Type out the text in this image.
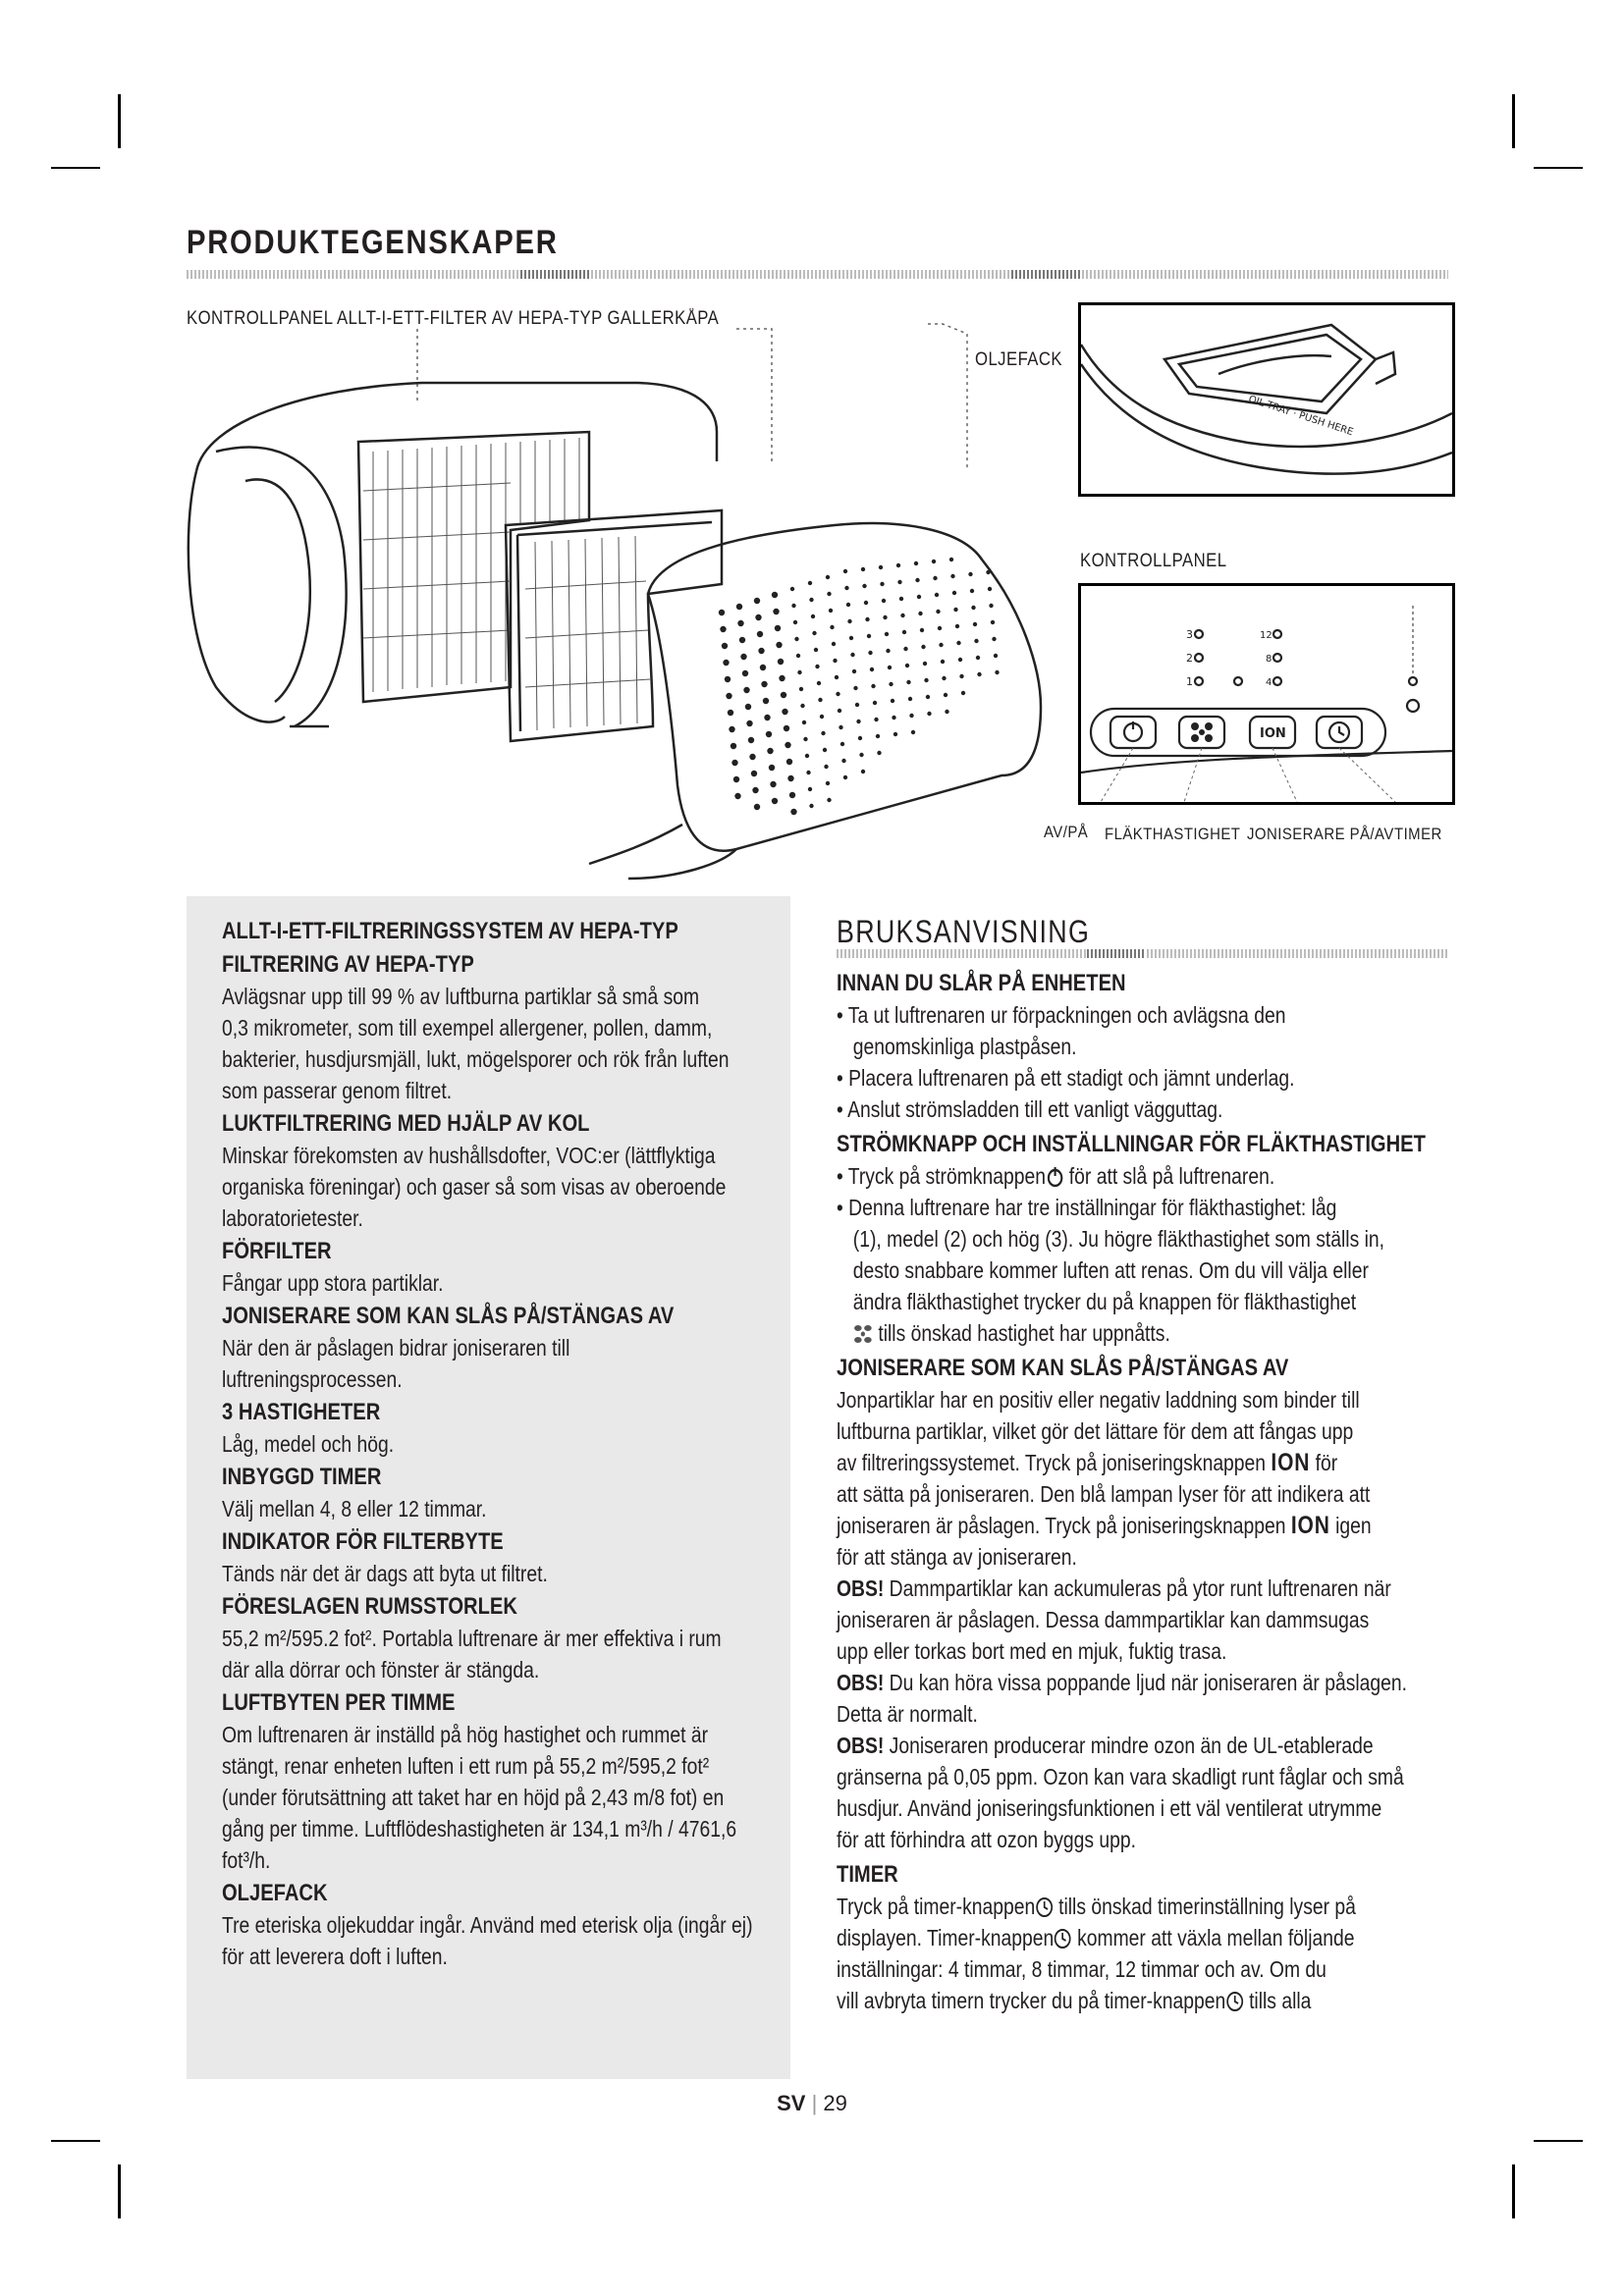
PRODUKTEGENSKAPER
KONTROLLPANEL ALLT-I-ETT-FILTER AV HEPA-TYP GALLERKÅPA
OLJEFACK
KONTROLLPANEL
AV/PÅ FLÄKTHASTIGHET JONISERARE PÅ/AV TIMER
OIL TRAY · PUSH HERE
3
2
1
12
8
4
ION
ALLT-I-ETT-FILTRERINGSSYSTEM AV HEPA-TYP
FILTRERING AV HEPA-TYP
Avlägsnar upp till 99 % av luftburna partiklar så små som
0,3 mikrometer, som till exempel allergener, pollen, damm,
bakterier, husdjursmjäll, lukt, mögelsporer och rök från luften
som passerar genom filtret.
LUKTFILTRERING MED HJÄLP AV KOL
Minskar förekomsten av hushållsdofter, VOC:er (lättflyktiga
organiska föreningar) och gaser så som visas av oberoende
laboratorietester.
FÖRFILTER
Fångar upp stora partiklar.
JONISERARE SOM KAN SLÅS PÅ/STÄNGAS AV
När den är påslagen bidrar joniseraren till
luftreningsprocessen.
3 HASTIGHETER
Låg, medel och hög.
INBYGGD TIMER
Välj mellan 4, 8 eller 12 timmar.
INDIKATOR FÖR FILTERBYTE
Tänds när det är dags att byta ut filtret.
FÖRESLAGEN RUMSSTORLEK
55,2 m²/595.2 fot². Portabla luftrenare är mer effektiva i rum
där alla dörrar och fönster är stängda.
LUFTBYTEN PER TIMME
Om luftrenaren är inställd på hög hastighet och rummet är
stängt, renar enheten luften i ett rum på 55,2 m²/595,2 fot²
(under förutsättning att taket har en höjd på 2,43 m/8 fot) en
gång per timme. Luftflödeshastigheten är 134,1 m³/h / 4761,6
fot³/h.
OLJEFACK
Tre eteriska oljekuddar ingår. Använd med eterisk olja (ingår ej)
för att leverera doft i luften.
BRUKSANVISNING
INNAN DU SLÅR PÅ ENHETEN
• Ta ut luftrenaren ur förpackningen och avlägsna den
genomskinliga plastpåsen.
• Placera luftrenaren på ett stadigt och jämnt underlag.
• Anslut strömsladden till ett vanligt vägguttag.
STRÖMKNAPP OCH INSTÄLLNINGAR FÖR FLÄKTHASTIGHET
• Tryck på strömknappen för att slå på luftrenaren.
• Denna luftrenare har tre inställningar för fläkthastighet: låg
(1), medel (2) och hög (3). Ju högre fläkthastighet som ställs in,
desto snabbare kommer luften att renas. Om du vill välja eller
ändra fläkthastighet trycker du på knappen för fläkthastighet
tills önskad hastighet har uppnåtts.
JONISERARE SOM KAN SLÅS PÅ/STÄNGAS AV
Jonpartiklar har en positiv eller negativ laddning som binder till
luftburna partiklar, vilket gör det lättare för dem att fångas upp
av filtreringssystemet. Tryck på joniseringsknappen ION för
att sätta på joniseraren. Den blå lampan lyser för att indikera att
joniseraren är påslagen. Tryck på joniseringsknappen ION igen
för att stänga av joniseraren.
OBS! Dammpartiklar kan ackumuleras på ytor runt luftrenaren när
joniseraren är påslagen. Dessa dammpartiklar kan dammsugas
upp eller torkas bort med en mjuk, fuktig trasa.
OBS! Du kan höra vissa poppande ljud när joniseraren är påslagen.
Detta är normalt.
OBS! Joniseraren producerar mindre ozon än de UL-etablerade
gränserna på 0,05 ppm. Ozon kan vara skadligt runt fåglar och små
husdjur. Använd joniseringsfunktionen i ett väl ventilerat utrymme
för att förhindra att ozon byggs upp.
TIMER
Tryck på timer-knappen tills önskad timerinställning lyser på
displayen. Timer-knappen kommer att växla mellan följande
inställningar: 4 timmar, 8 timmar, 12 timmar och av. Om du
vill avbryta timern trycker du på timer-knappen tills alla
SV | 29
